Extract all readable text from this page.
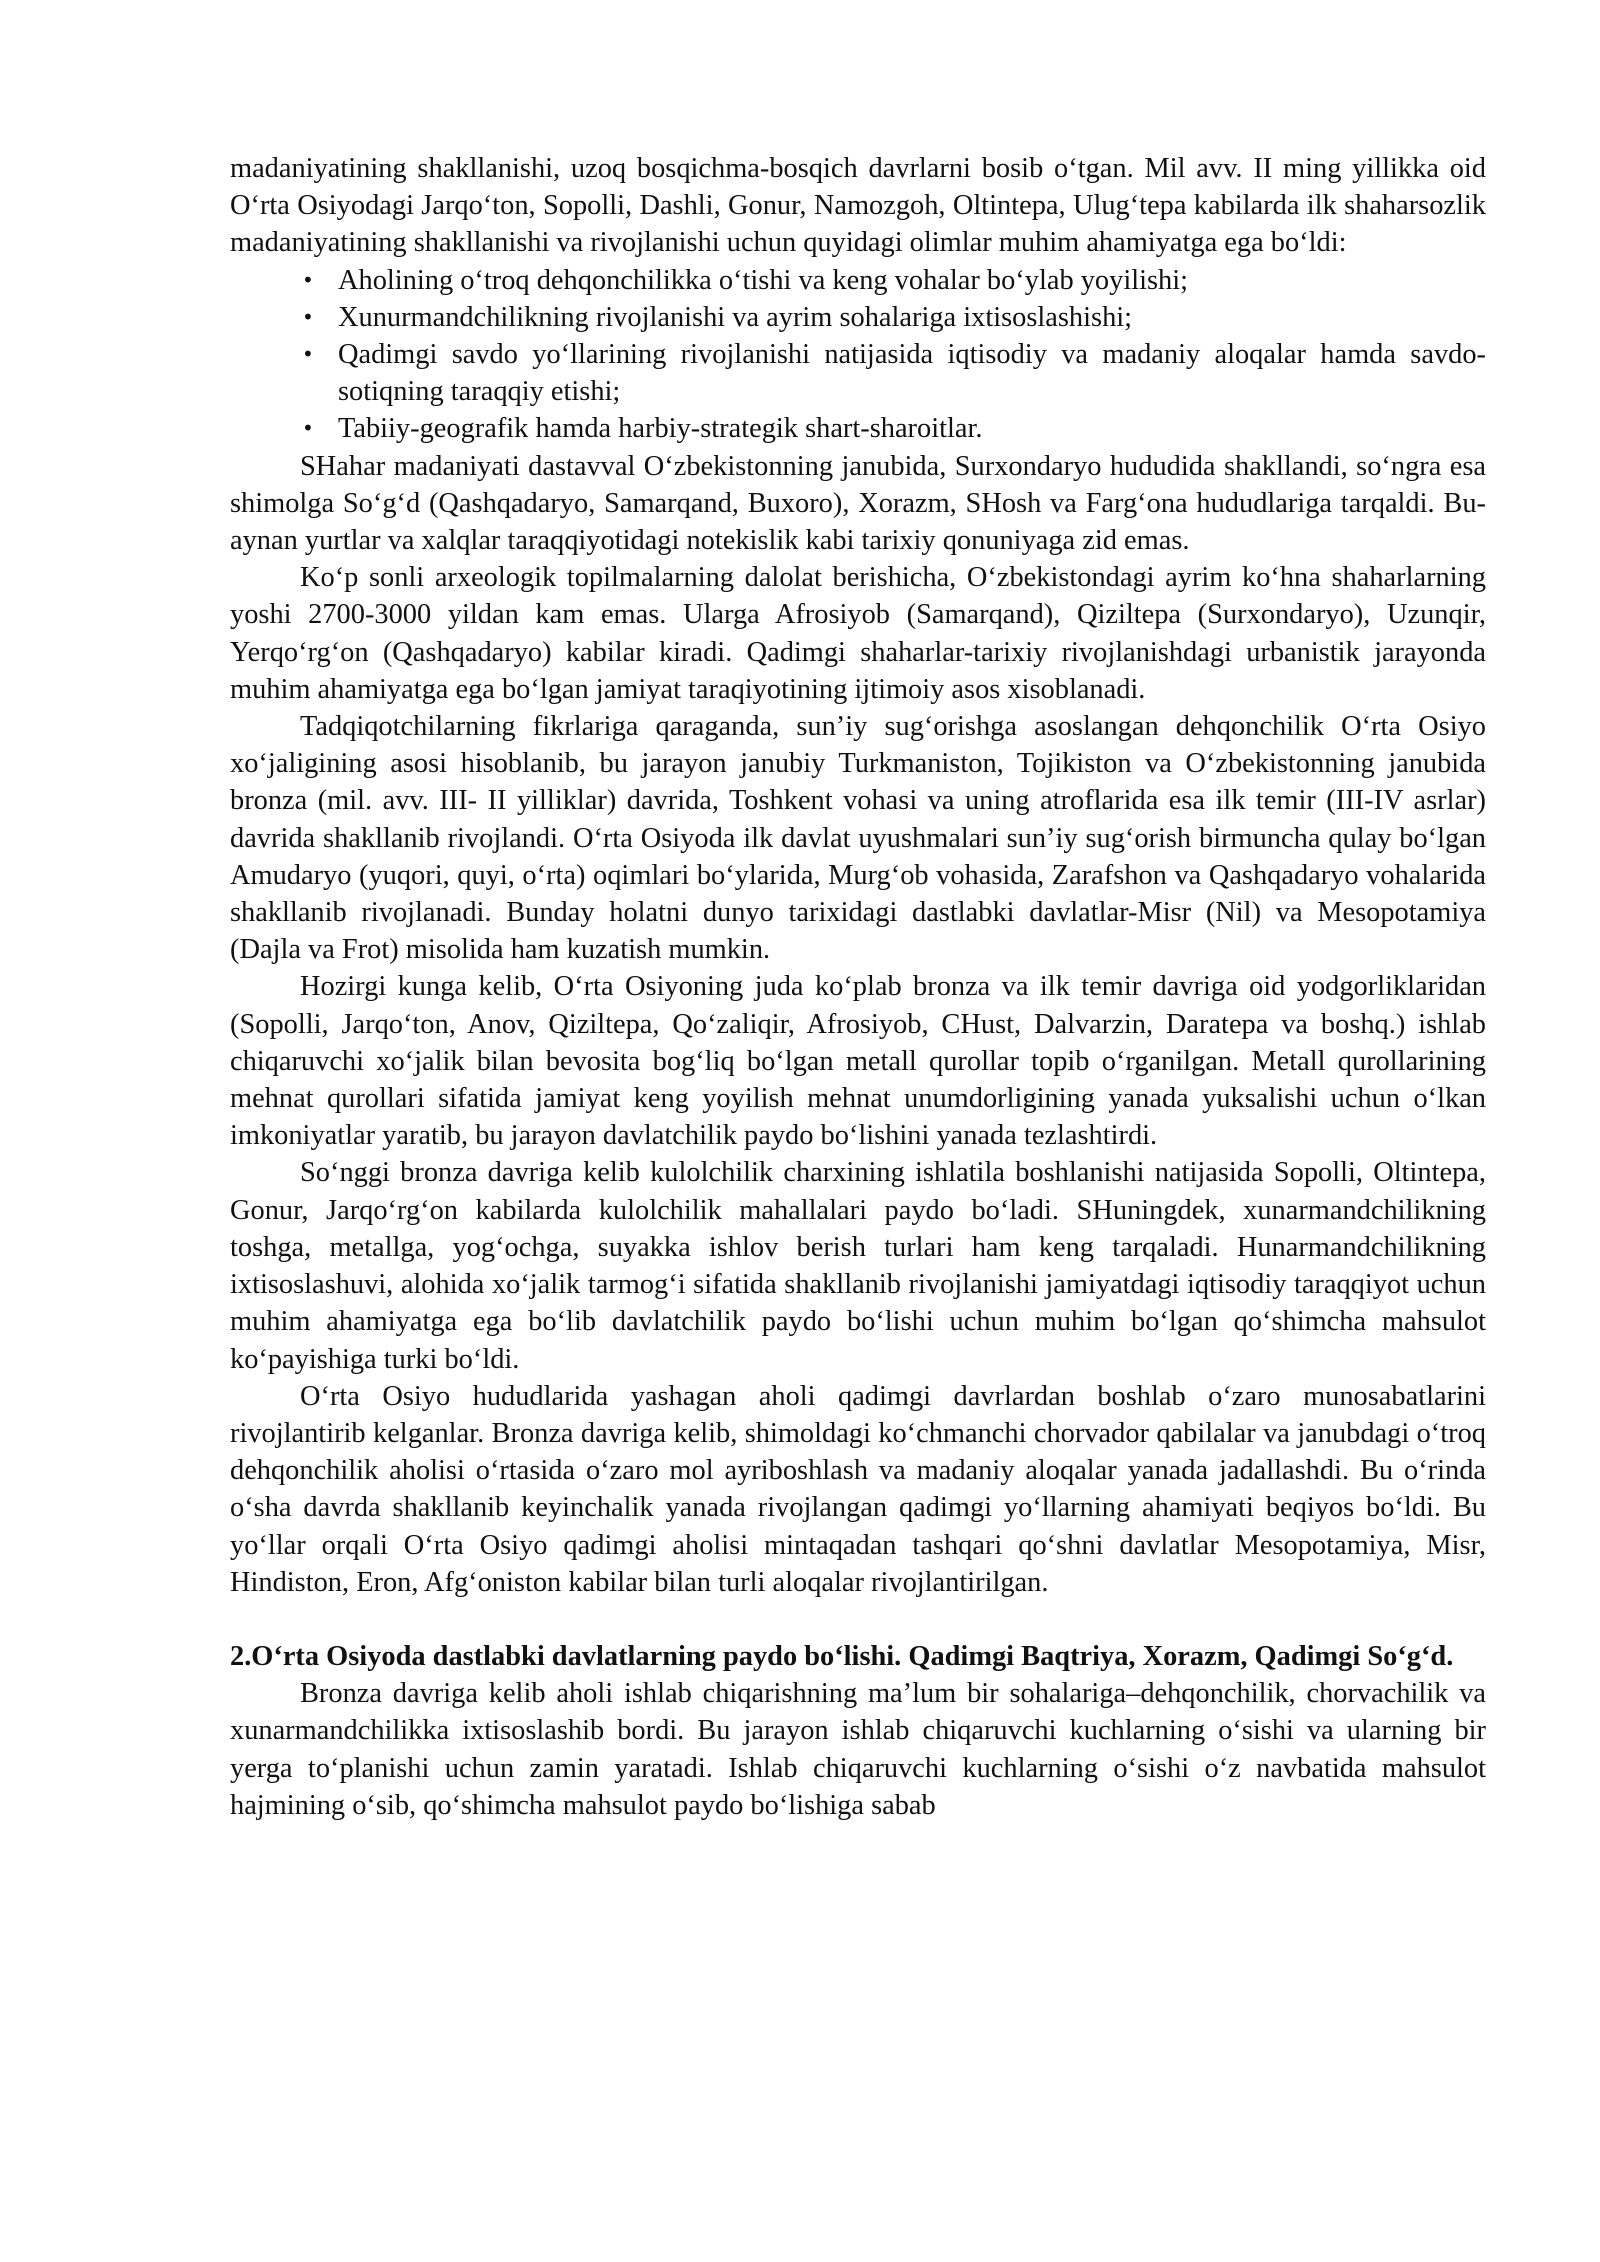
madaniyatining shakllanishi, uzoq bosqichma-bosqich davrlarni bosib o‘tgan. Mil avv. II ming yillikka oid O‘rta Osiyodagi Jarqo‘ton, Sopolli, Dashli, Gonur, Namozgoh, Oltintepa, Ulug‘tepa kabilarda ilk shaharsozlik madaniyatining shakllanishi va rivojlanishi uchun quyidagi olimlar muhim ahamiyatga ega bo‘ldi:

• Aholining o‘troq dehqonchilikka o‘tishi va keng vohalar bo‘ylab yoyilishi;
• Xunurmandchilikning rivojlanishi va ayrim sohalariga ixtisoslashishi;
• Qadimgi savdo yo‘llarining rivojlanishi natijasida iqtisodiy va madaniy aloqalar hamda savdo-sotiqning taraqqiy etishi;
• Tabiiy-geografik hamda harbiy-strategik shart-sharoitlar.

SHahar madaniyati dastavval O‘zbekistonning janubida, Surxondaryo hududida shakllandi, so‘ngra esa shimolga So‘g‘d (Qashqadaryo, Samarqand, Buxoro), Xorazm, SHosh va Farg‘ona hududlariga tarqaldi. Bu-aynan yurtlar va xalqlar taraqqiyotidagi notekislik kabi tarixiy qonuniyaga zid emas.

Ko‘p sonli arxeologik topilmalarning dalolat berishicha, O‘zbekistondagi ayrim ko‘hna shaharlarning yoshi 2700-3000 yildan kam emas. Ularga Afrosiyob (Samarqand), Qiziltepa (Surxondaryo), Uzunqir, Yerqo‘rg‘on (Qashqadaryo) kabilar kiradi. Qadimgi shaharlar-tarixiy rivojlanishdagi urbanistik jarayonda muhim ahamiyatga ega bo‘lgan jamiyat taraqiyotining ijtimoiy asos xisoblanadi.

Tadqiqotchilarning fikrlariga qaraganda, sun’iy sug‘orishga asoslangan dehqonchilik O‘rta Osiyo xo‘jaligining asosi hisoblanib, bu jarayon janubiy Turkmaniston, Tojikiston va O‘zbekistonning janubida bronza (mil. avv. III- II yilliklar) davrida, Toshkent vohasi va uning atroflarida esa ilk temir (III-IV asrlar) davrida shakllanib rivojlandi. O‘rta Osiyoda ilk davlat uyushmalari sun’iy sug‘orish birmuncha qulay bo‘lgan Amudaryo (yuqori, quyi, o‘rta) oqimlari bo‘ylarida, Murg‘ob vohasida, Zarafshon va Qashqadaryo vohalarida shakllanib rivojlanadi. Bunday holatni dunyo tarixidagi dastlabki davlatlar-Misr (Nil) va Mesopotamiya (Dajla va Frot) misolida ham kuzatish mumkin.

Hozirgi kunga kelib, O‘rta Osiyoning juda ko‘plab bronza va ilk temir davriga oid yodgorliklaridan (Sopolli, Jarqo‘ton, Anov, Qiziltepa, Qo‘zaliqir, Afrosiyob, CHust, Dalvarzin, Daratepa va boshq.) ishlab chiqaruvchi xo‘jalik bilan bevosita bog‘liq bo‘lgan metall qurollar topib o‘rganilgan. Metall qurollarining mehnat qurollari sifatida jamiyat keng yoyilish mehnat unumdorligining yanada yuksalishi uchun o‘lkan imkoniyatlar yaratib, bu jarayon davlatchilik paydo bo‘lishini yanada tezlashtirdi.

So‘nggi bronza davriga kelib kulolchilik charxining ishlatila boshlanishi natijasida Sopolli, Oltintepa, Gonur, Jarqo‘rg‘on kabilarda kulolchilik mahallalari paydo bo‘ladi. SHuningdek, xunarmandchilikning toshga, metallga, yog‘ochga, suyakka ishlov berish turlari ham keng tarqaladi. Hunarmandchilikning ixtisoslashuvi, alohida xo‘jalik tarmog‘i sifatida shakllanib rivojlanishi jamiyatdagi iqtisodiy taraqqiyot uchun muhim ahamiyatga ega bo‘lib davlatchilik paydo bo‘lishi uchun muhim bo‘lgan qo‘shimcha mahsulot ko‘payishiga turki bo‘ldi.

O‘rta Osiyo hududlarida yashagan aholi qadimgi davrlardan boshlab o‘zaro munosabatlarini rivojlantirib kelganlar. Bronza davriga kelib, shimoldagi ko‘chmanchi chorvador qabilalar va janubdagi o‘troq dehqonchilik aholisi o‘rtasida o‘zaro mol ayriboshlash va madaniy aloqalar yanada jadallashdi. Bu o‘rinda o‘sha davrda shakllanib keyinchalik yanada rivojlangan qadimgi yo‘llarning ahamiyati beqiyos bo‘ldi. Bu yo‘llar orqali O‘rta Osiyo qadimgi aholisi mintaqadan tashqari qo‘shni davlatlar Mesopotamiya, Misr, Hindiston, Eron, Afg‘oniston kabilar bilan turli aloqalar rivojlantirilgan.

2.O‘rta Osiyoda dastlabki davlatlarning paydo bo‘lishi. Qadimgi Baqtriya, Xorazm, Qadimgi So‘g‘d.

Bronza davriga kelib aholi ishlab chiqarishning ma’lum bir sohalariga–dehqonchilik, chorvachilik va xunarmandchilikka ixtisoslashib bordi. Bu jarayon ishlab chiqaruvchi kuchlarning o‘sishi va ularning bir yerga to‘planishi uchun zamin yaratadi. Ishlab chiqaruvchi kuchlarning o‘sishi o‘z navbatida mahsulot hajmining o‘sib, qo‘shimcha mahsulot paydo bo‘lishiga sabab
